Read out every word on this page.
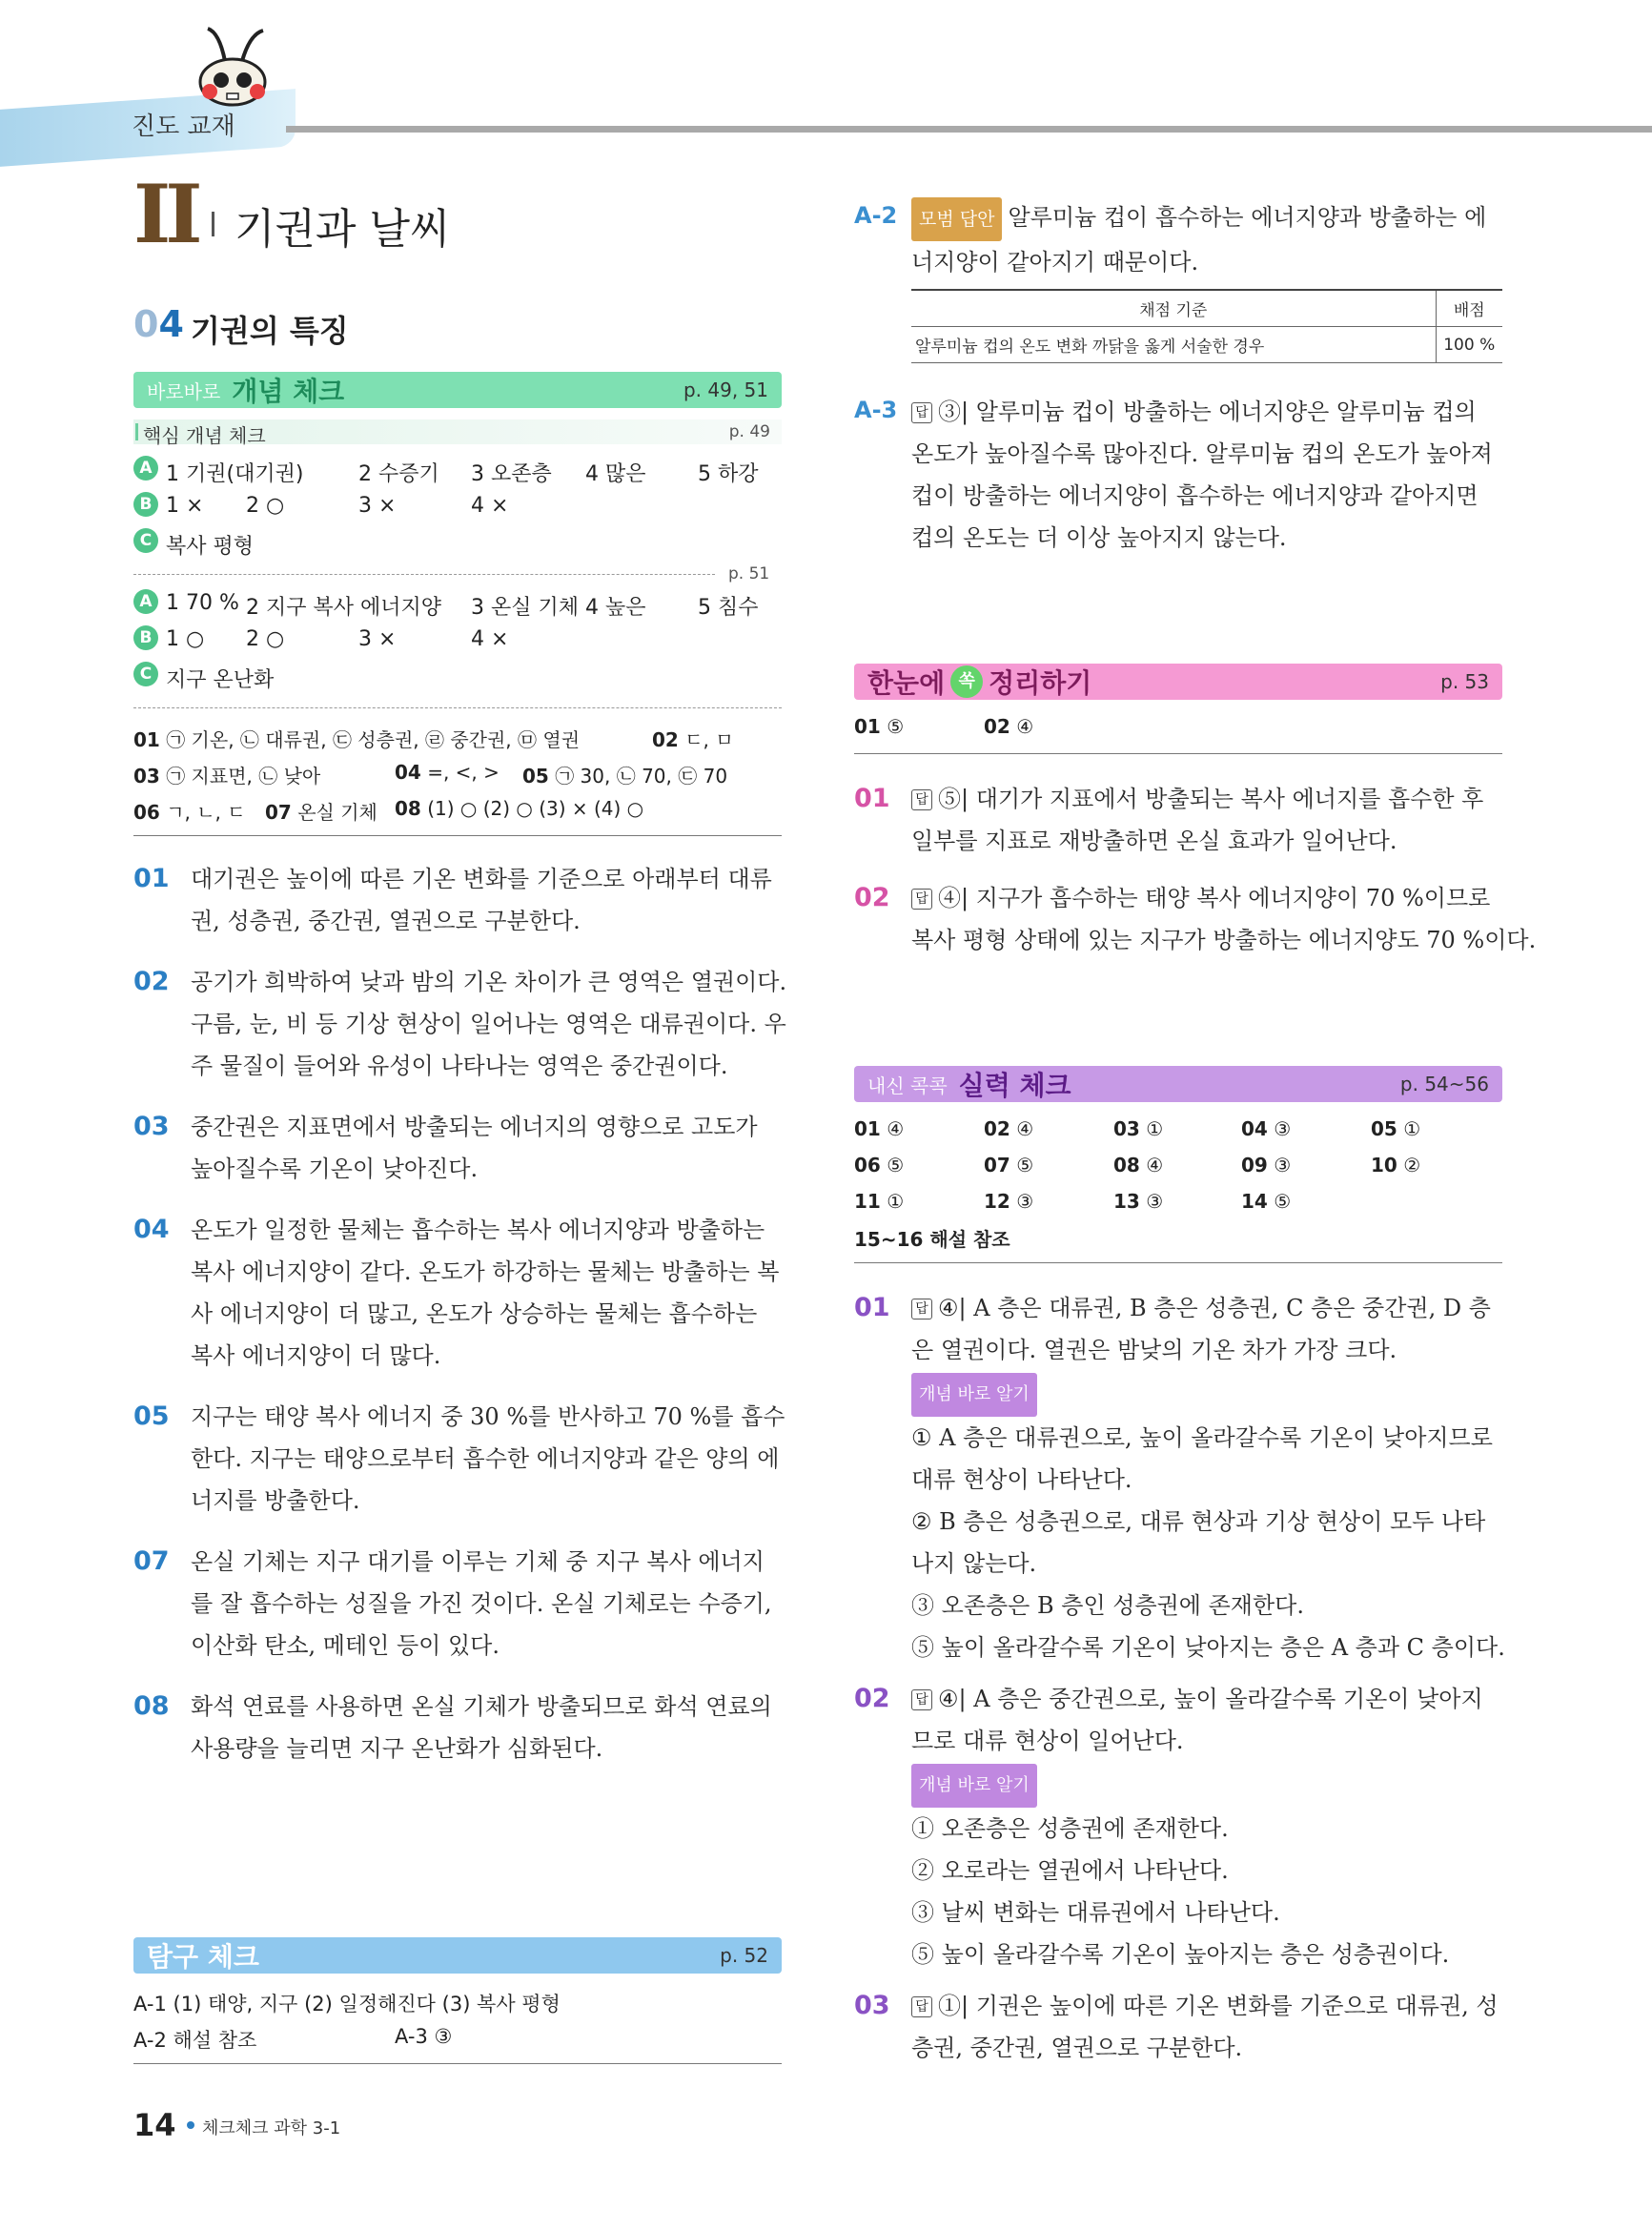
진도 교재
II 기권과 날씨
04 기권의 특징
바로바로 개념 체크	p. 49, 51
핵심 개념 체크	p. 49
A 1 기권(대기권)	2 수증기 3 오존층 4 많은 5 하강
B 1 × 2 ○	3 ×	4 ×
C 복사 평형
p. 51
A 1 70 % 2 지구 복사 에너지양 3 온실 기체 4 높은 5 침수
B 1 ○ 2 ○	3 ×	4 ×
C 지구 온난화
01 ㉠ 기온, ㉡ 대류권, ㉢ 성층권, ㉣ 중간권, ㉤ 열권	02 ㄷ, ㅁ
03 ㉠ 지표면, ㉡ 낮아	04 =, <, > 05 ㉠ 30, ㉡ 70, ㉢ 70
06 ㄱ, ㄴ, ㄷ 07 온실 기체 08 (1) ○ (2) ○ (3) × (4) ○
01 대기권은 높이에 따른 기온 변화를 기준으로 아래부터 대류
권, 성층권, 중간권, 열권으로 구분한다.
02 공기가 희박하여 낮과 밤의 기온 차이가 큰 영역은 열권이다.
구름, 눈, 비 등 기상 현상이 일어나는 영역은 대류권이다. 우
주 물질이 들어와 유성이 나타나는 영역은 중간권이다.
03 중간권은 지표면에서 방출되는 에너지의 영향으로 고도가
높아질수록 기온이 낮아진다.
04 온도가 일정한 물체는 흡수하는 복사 에너지양과 방출하는
복사 에너지양이 같다. 온도가 하강하는 물체는 방출하는 복
사 에너지양이 더 많고, 온도가 상승하는 물체는 흡수하는
복사 에너지양이 더 많다.
05 지구는 태양 복사 에너지 중 30 %를 반사하고 70 %를 흡수
한다. 지구는 태양으로부터 흡수한 에너지양과 같은 양의 에
너지를 방출한다.
07 온실 기체는 지구 대기를 이루는 기체 중 지구 복사 에너지
를 잘 흡수하는 성질을 가진 것이다. 온실 기체로는 수증기,
이산화 탄소, 메테인 등이 있다.
08 화석 연료를 사용하면 온실 기체가 방출되므로 화석 연료의
사용량을 늘리면 지구 온난화가 심화된다.
탐구 체크	p. 52
A-1 (1) 태양, 지구 (2) 일정해진다 (3) 복사 평형
A-2 해설 참조	A-3 ③
A-2	모범 답안 알루미늄 컵이 흡수하는 에너지양과 방출하는 에
너지양이 같아지기 때문이다.
채점 기준	배점
알루미늄 컵의 온도 변화 까닭을 옳게 서술한 경우	100 %
A-3	답 ③| 알루미늄 컵이 방출하는 에너지양은 알루미늄 컵의
온도가 높아질수록 많아진다. 알루미늄 컵의 온도가 높아져
컵이 방출하는 에너지양이 흡수하는 에너지양과 같아지면
컵의 온도는 더 이상 높아지지 않는다.
한눈에 쏙 정리하기	p. 53
01 ⑤	02 ④
01	답 ⑤| 대기가 지표에서 방출되는 복사 에너지를 흡수한 후
일부를 지표로 재방출하면 온실 효과가 일어난다.
02	답 ④| 지구가 흡수하는 태양 복사 에너지양이 70 %이므로
복사 평형 상태에 있는 지구가 방출하는 에너지양도 70 %이다.
내신 콕콕 실력 체크	p. 54~56
01 ④	02 ④	03 ①	04 ③	05 ①
06 ⑤	07 ⑤	08 ④	09 ③	10 ②
11 ①	12 ③	13 ③	14 ⑤
15~16 해설 참조
01	답 ④| A 층은 대류권, B 층은 성층권, C 층은 중간권, D 층
은 열권이다. 열권은 밤낮의 기온 차가 가장 크다.
개념 바로 알기
① A 층은 대류권으로, 높이 올라갈수록 기온이 낮아지므로
대류 현상이 나타난다.
② B 층은 성층권으로, 대류 현상과 기상 현상이 모두 나타
나지 않는다.
③ 오존층은 B 층인 성층권에 존재한다.
⑤ 높이 올라갈수록 기온이 낮아지는 층은 A 층과 C 층이다.
02	답 ④| A 층은 중간권으로, 높이 올라갈수록 기온이 낮아지
므로 대류 현상이 일어난다.
개념 바로 알기
① 오존층은 성층권에 존재한다.
② 오로라는 열권에서 나타난다.
③ 날씨 변화는 대류권에서 나타난다.
⑤ 높이 올라갈수록 기온이 높아지는 층은 성층권이다.
03	답 ①| 기권은 높이에 따른 기온 변화를 기준으로 대류권, 성
층권, 중간권, 열권으로 구분한다.
14 체크체크 과학 3-1
